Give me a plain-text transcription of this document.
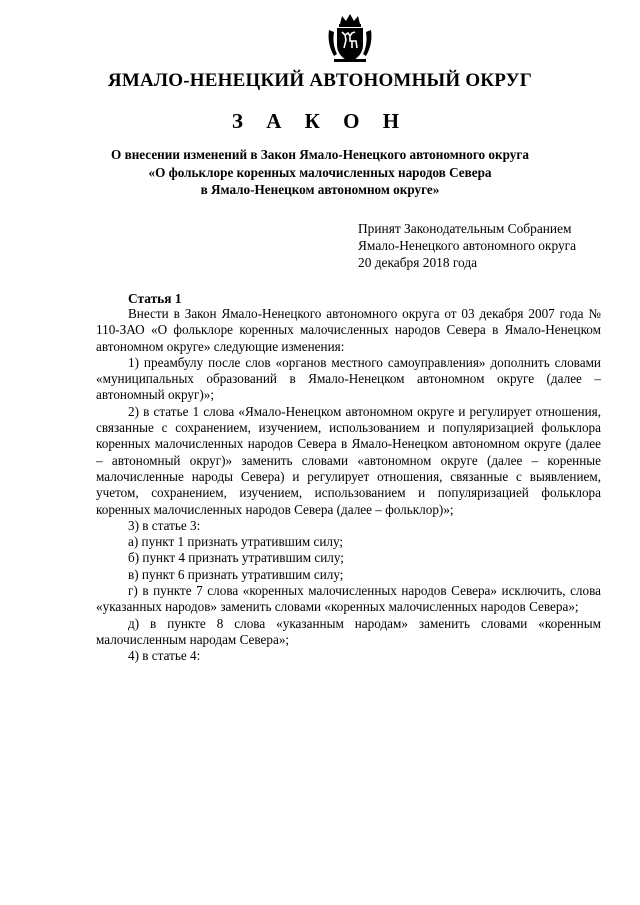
ЯМАЛО-НЕНЕЦКИЙ АВТОНОМНЫЙ ОКРУГ
З А К О Н
О внесении изменений в Закон Ямало-Ненецкого автономного округа
«О фольклоре коренных малочисленных народов Севера
в Ямало-Ненецком автономном округе»
Принят Законодательным Собранием
Ямало-Ненецкого автономного округа
20 декабря 2018 года
Статья 1

Внести в Закон Ямало-Ненецкого автономного округа от 03 декабря 2007 года № 110-ЗАО «О фольклоре коренных малочисленных народов Севера в Ямало-Ненецком автономном округе» следующие изменения:

1) преамбулу после слов «органов местного самоуправления» дополнить словами «муниципальных образований в Ямало-Ненецком автономном округе (далее – автономный округ)»;

2) в статье 1 слова «Ямало-Ненецком автономном округе и регулирует отношения, связанные с сохранением, изучением, использованием и популяризацией фольклора коренных малочисленных народов Севера в Ямало-Ненецком автономном округе (далее – автономный округ)» заменить словами «автономном округе (далее – коренные малочисленные народы Севера) и регулирует отношения, связанные с выявлением, учетом, сохранением, изучением, использованием и популяризацией фольклора коренных малочисленных народов Севера (далее – фольклор)»;

3) в статье 3:

а) пункт 1 признать утратившим силу;

б) пункт 4 признать утратившим силу;

в) пункт 6 признать утратившим силу;

г) в пункте 7 слова «коренных малочисленных народов Севера» исключить, слова «указанных народов» заменить словами «коренных малочисленных народов Севера»;

д) в пункте 8 слова «указанным народам» заменить словами «коренным малочисленным народам Севера»;

4) в статье 4:
